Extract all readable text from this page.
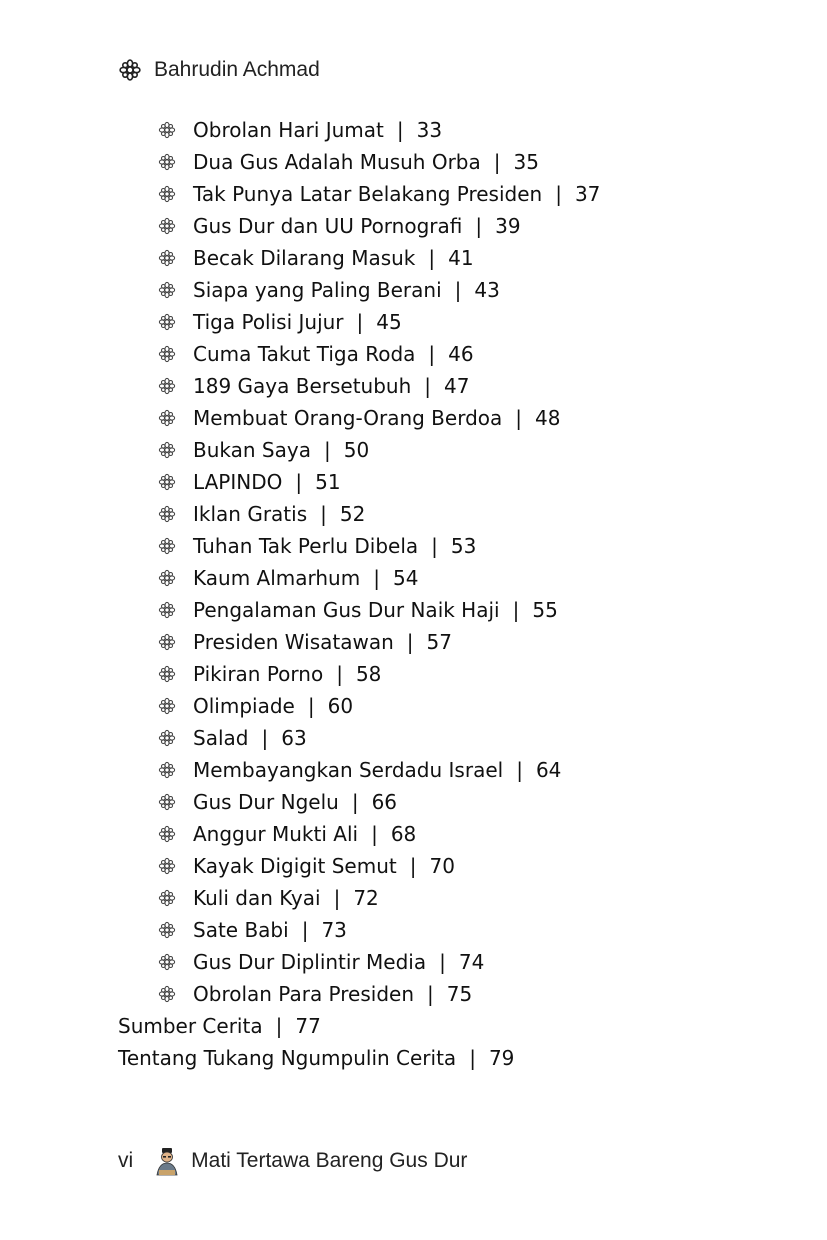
Bahrudin Achmad
Obrolan Hari Jumat | 33
Dua Gus Adalah Musuh Orba | 35
Tak Punya Latar Belakang Presiden | 37
Gus Dur dan UU Pornografi | 39
Becak Dilarang Masuk | 41
Siapa yang Paling Berani | 43
Tiga Polisi Jujur | 45
Cuma Takut Tiga Roda | 46
189 Gaya Bersetubuh | 47
Membuat Orang-Orang Berdoa | 48
Bukan Saya | 50
LAPINDO | 51
Iklan Gratis | 52
Tuhan Tak Perlu Dibela | 53
Kaum Almarhum | 54
Pengalaman Gus Dur Naik Haji | 55
Presiden Wisatawan | 57
Pikiran Porno | 58
Olimpiade | 60
Salad | 63
Membayangkan Serdadu Israel | 64
Gus Dur Ngelu | 66
Anggur Mukti Ali | 68
Kayak Digigit Semut | 70
Kuli dan Kyai | 72
Sate Babi | 73
Gus Dur Diplintir Media | 74
Obrolan Para Presiden | 75
Sumber Cerita | 77
Tentang Tukang Ngumpulin Cerita | 79
vi	Mati Tertawa Bareng Gus Dur
